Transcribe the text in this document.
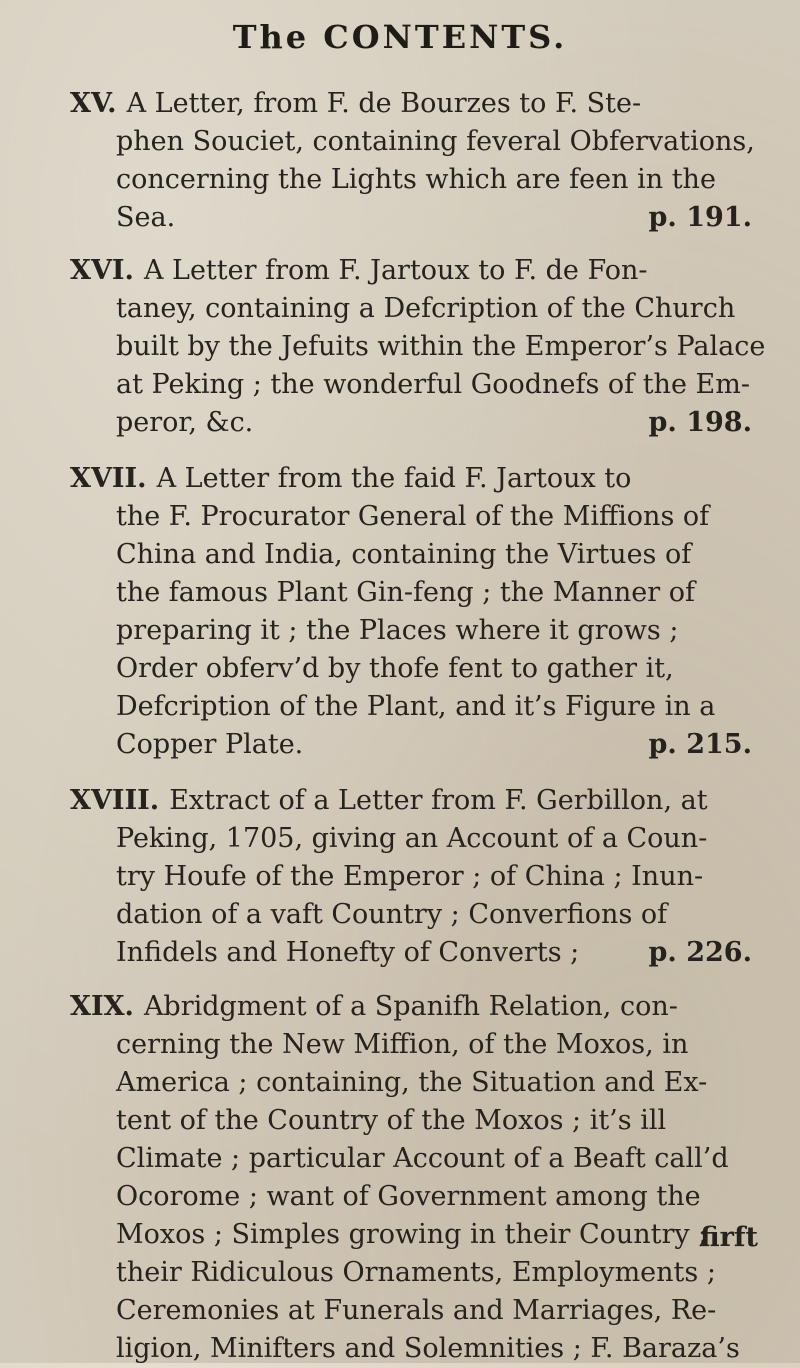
The CONTENTS.
XV. A Letter, from F. de Bourzes to F. Ste-
phen Souciet, containing feveral Obfervations,
concerning the Lights which are feen in the
Sea.	p. 191.
XVI. A Letter from F. Jartoux to F. de Fon-
taney, containing a Defcription of the Church
built by the Jefuits within the Emperor’s Palace
at Peking ; the wonderful Goodnefs of the Em-
peror, &c.	p. 198.
XVII. A Letter from the faid F. Jartoux to
the F. Procurator General of the Miffions of
China and India, containing the Virtues of
the famous Plant Gin-feng ; the Manner of
preparing it ; the Places where it grows ;
Order obferv’d by thofe fent to gather it,
Defcription of the Plant, and it’s Figure in a
Copper Plate.	p. 215.
XVIII. Extract of a Letter from F. Gerbillon, at
Peking, 1705, giving an Account of a Coun-
try Houfe of the Emperor ; of China ; Inun-
dation of a vaft Country ; Converfions of
Infidels and Honefty of Converts ;	p. 226.
XIX. Abridgment of a Spanifh Relation, con-
cerning the New Miffion, of the Moxos, in
America ; containing, the Situation and Ex-
tent of the Country of the Moxos ; it’s ill
Climate ; particular Account of a Beaft call’d
Ocorome ; want of Government among the
Moxos ; Simples growing in their Country ;
their Ridiculous Ornaments, Employments ;
Ceremonies at Funerals and Marriages, Re-
ligion, Minifters and Solemnities ; F. Baraza’s
firft
